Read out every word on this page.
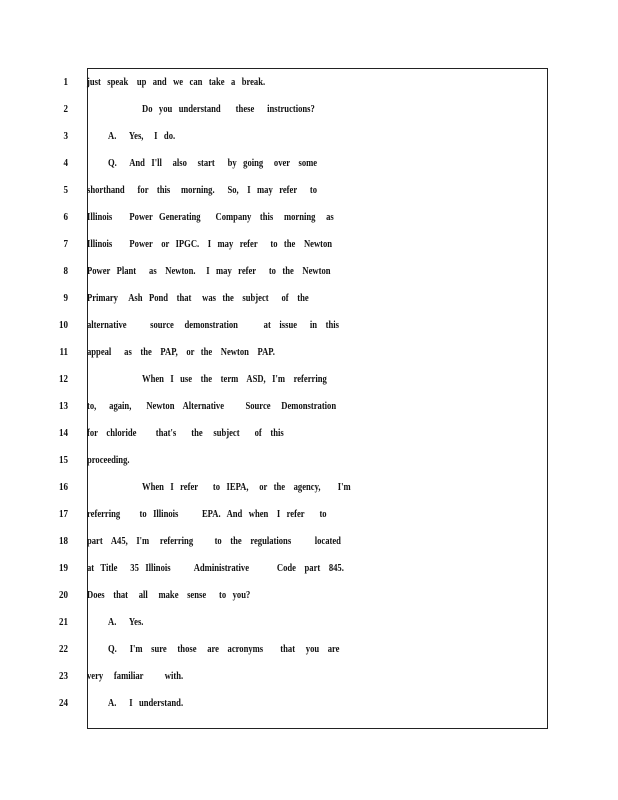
1 just   speak    up   and   we   can   take   a   break.
2	Do   you   understand       these      instructions?
3	A.      Yes,     I   do.
4	Q.      And   I'll     also     start      by   going     over    some
5 shorthand      for    this     morning.      So,    I   may   refer      to
6 Illinois        Power   Generating       Company    this     morning     as
7 Illinois        Power    or   IPGC.    I   may   refer      to   the    Newton
8 Power   Plant      as    Newton.     I   may   refer      to   the    Newton
9 Primary     Ash   Pond    that     was   the    subject      of    the
10 alternative           source     demonstration            at    issue      in    this
11 appeal      as    the    PAP,    or   the    Newton    PAP.
12	When   I   use    the    term    ASD,   I'm    referring
13 to,      again,       Newton    Alternative          Source     Demonstration
14 for    chloride         that's       the     subject       of    this
15 proceeding.
16	When   I   refer       to   IEPA,     or   the    agency,        I'm
17 referring         to   Illinois           EPA.   And   when    I   refer       to
18 part    A45,    I'm     referring          to    the    regulations           located
19 at   Title      35   Illinois           Administrative             Code    part    845.
20 Does    that     all     make    sense      to   you?
21	A.      Yes.
22	Q.      I'm    sure     those     are    acronyms        that     you    are
23 very     familiar          with.
24	A.      I   understand.
